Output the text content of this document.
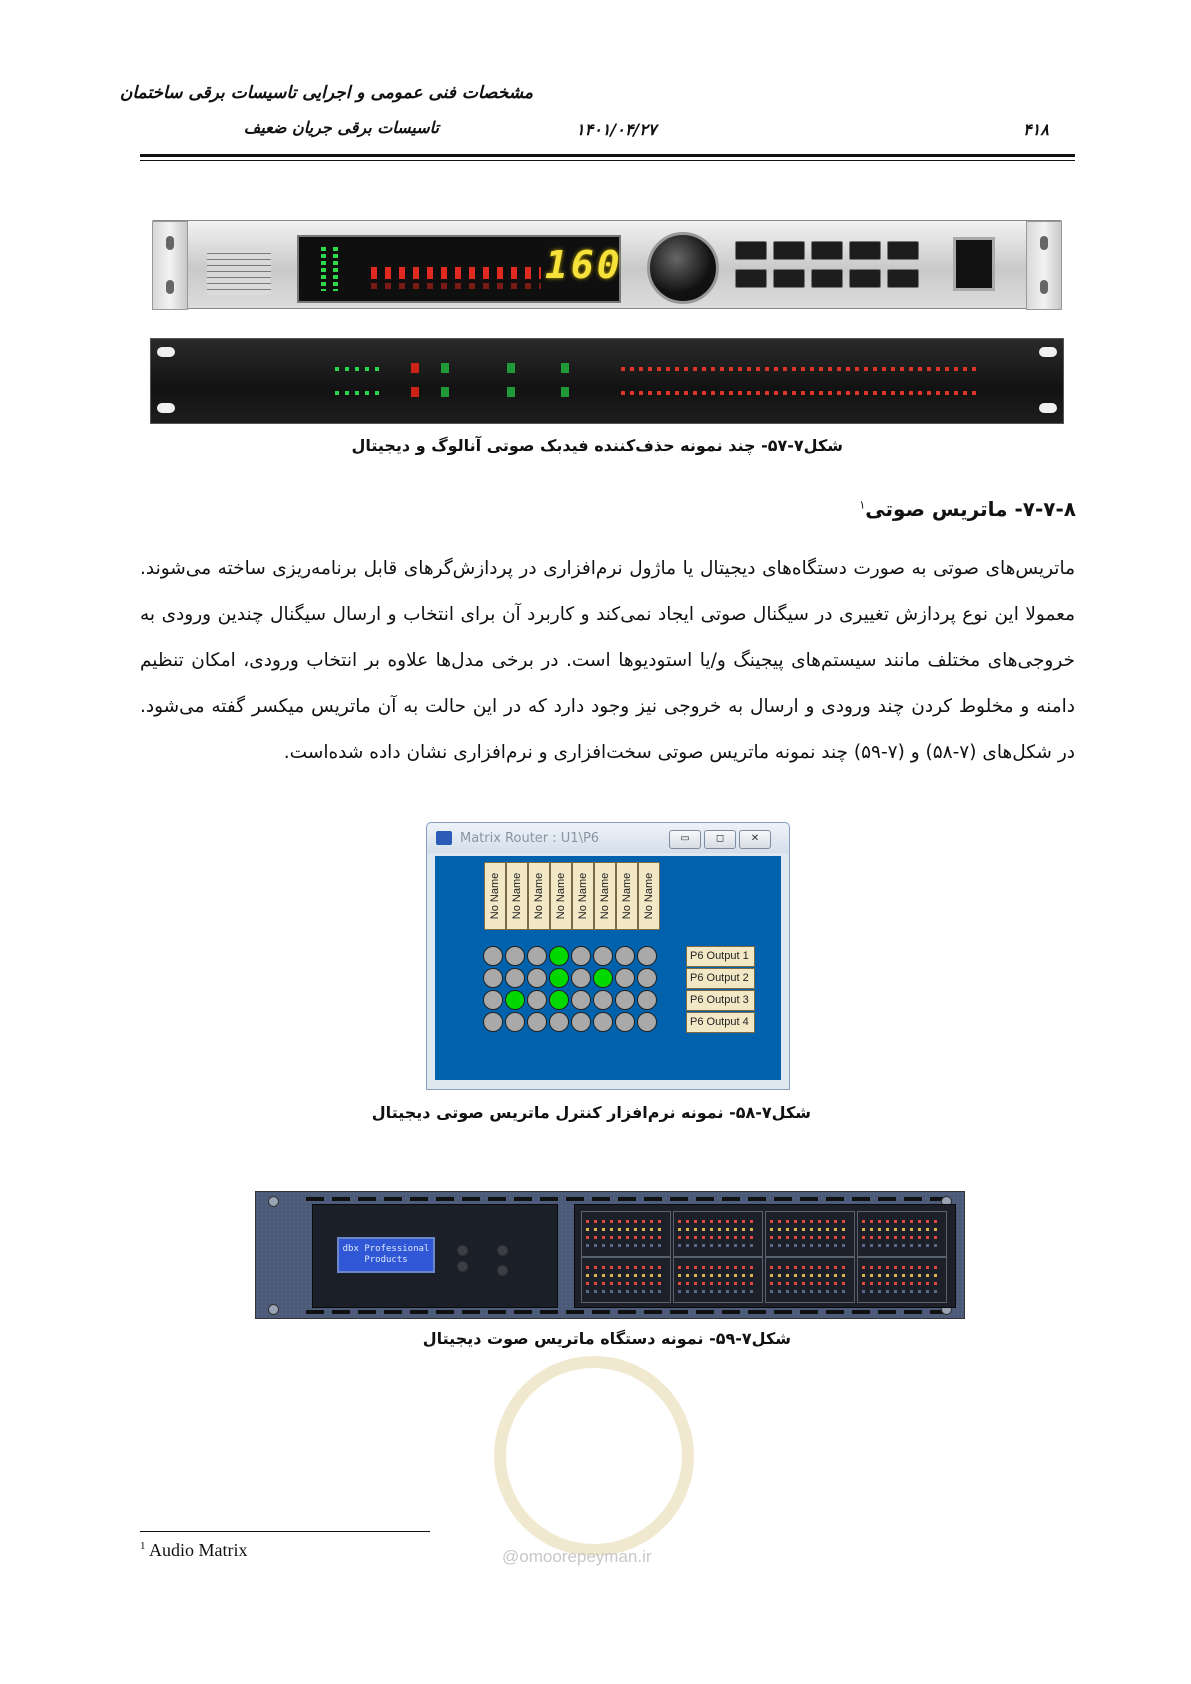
مشخصات فنی عمومی و اجرایی تاسیسات برقی ساختمان
تاسیسات برقی جریان ضعیف	۱۴۰۱/۰۴/۲۷	۴۱۸
160
شکل۷-۵۷- چند نمونه حذف‌کننده فیدبک صوتی آنالوگ و دیجیتال
۷-۷-۸- ماتریس صوتی$^۱$
ماتریس‌های صوتی به صورت دستگاه‌های دیجیتال یا ماژول نرم‌افزاری در پردازش‌گرهای قابل برنامه‌ریزی ساخته می‌شوند. معمولا این نوع پردازش تغییری در سیگنال صوتی ایجاد نمی‌کند و کاربرد آن برای انتخاب و ارسال سیگنال چندین ورودی به خروجی‌های مختلف مانند سیستم‌های پیجینگ و/یا استودیوها است. در برخی مدل‌ها علاوه بر انتخاب ورودی، امکان تنظیم دامنه و مخلوط کردن چند ورودی و ارسال به خروجی نیز وجود دارد که در این حالت به آن ماتریس میکسر گفته می‌شود. در شکل‌های (۷-۵۸) و (۷-۵۹) چند نمونه ماتریس صوتی سخت‌افزاری و نرم‌افزاری نشان داده شده‌است.
Matrix Router : U1\P6	▭	◻	✕
No Name No Name No Name No Name No Name No Name No Name No Name
P6 Output 1
P6 Output 2
P6 Output 3
P6 Output 4
شکل۷-۵۸- نمونه نرم‌افزار کنترل ماتریس صوتی دیجیتال
dbx Professional Products
شکل۷-۵۹- نمونه دستگاه ماتریس صوت دیجیتال
@omoorepeyman.ir
$^1$ Audio Matrix
